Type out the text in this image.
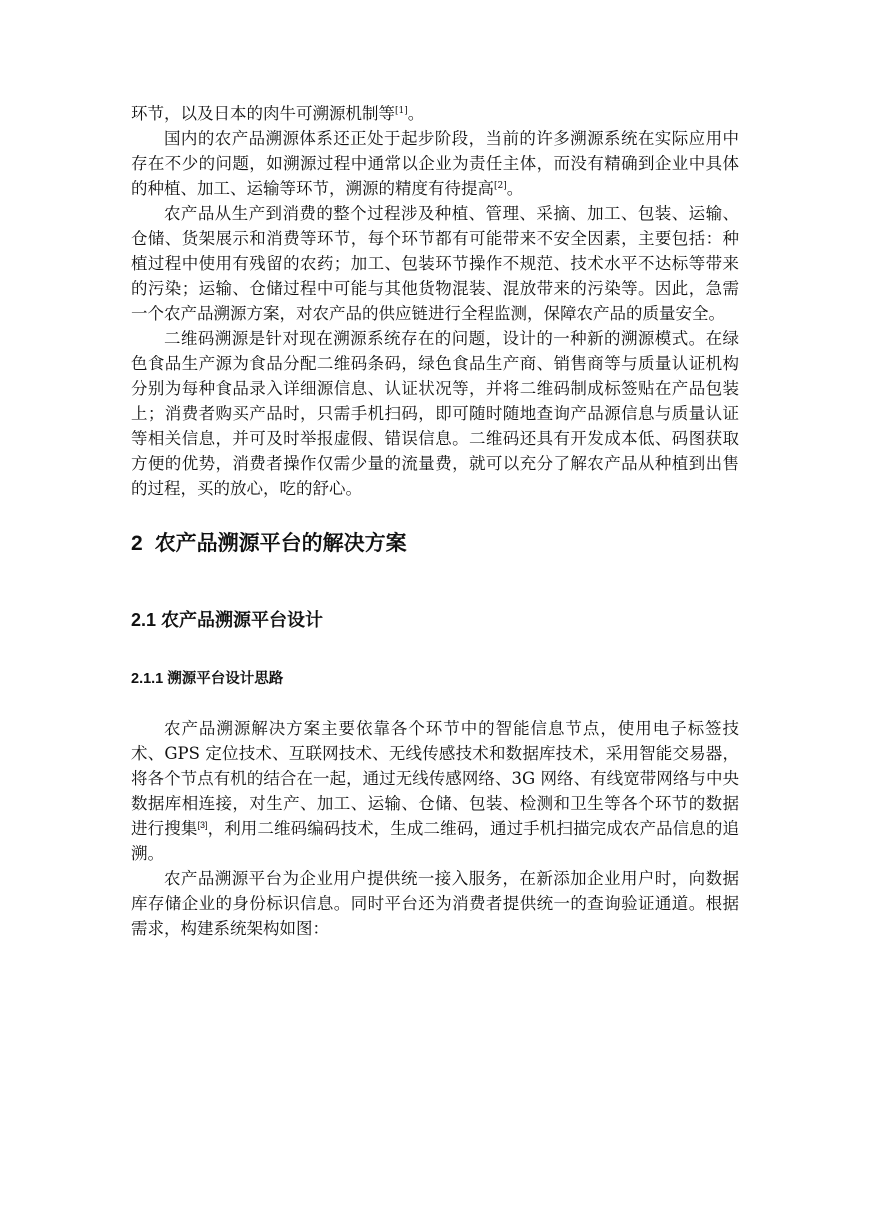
环节，以及日本的肉牛可溯源机制等[1]。

国内的农产品溯源体系还正处于起步阶段，当前的许多溯源系统在实际应用中存在不少的问题，如溯源过程中通常以企业为责任主体，而没有精确到企业中具体的种植、加工、运输等环节，溯源的精度有待提高[2]。

农产品从生产到消费的整个过程涉及种植、管理、采摘、加工、包装、运输、仓储、货架展示和消费等环节，每个环节都有可能带来不安全因素，主要包括：种植过程中使用有残留的农药；加工、包装环节操作不规范、技术水平不达标等带来的污染；运输、仓储过程中可能与其他货物混装、混放带来的污染等。因此，急需一个农产品溯源方案，对农产品的供应链进行全程监测，保障农产品的质量安全。

二维码溯源是针对现在溯源系统存在的问题，设计的一种新的溯源模式。在绿色食品生产源为食品分配二维码条码，绿色食品生产商、销售商等与质量认证机构分别为每种食品录入详细源信息、认证状况等，并将二维码制成标签贴在产品包装上；消费者购买产品时，只需手机扫码，即可随时随地查询产品源信息与质量认证等相关信息，并可及时举报虚假、错误信息。二维码还具有开发成本低、码图获取方便的优势，消费者操作仅需少量的流量费，就可以充分了解农产品从种植到出售的过程，买的放心，吃的舒心。

2 农产品溯源平台的解决方案
2.1 农产品溯源平台设计
2.1.1 溯源平台设计思路

农产品溯源解决方案主要依靠各个环节中的智能信息节点，使用电子标签技术、GPS 定位技术、互联网技术、无线传感技术和数据库技术，采用智能交易器，将各个节点有机的结合在一起，通过无线传感网络、3G 网络、有线宽带网络与中央数据库相连接，对生产、加工、运输、仓储、包装、检测和卫生等各个环节的数据进行搜集[3]，利用二维码编码技术，生成二维码，通过手机扫描完成农产品信息的追溯。

农产品溯源平台为企业用户提供统一接入服务，在新添加企业用户时，向数据库存储企业的身份标识信息。同时平台还为消费者提供统一的查询验证通道。根据需求，构建系统架构如图：
